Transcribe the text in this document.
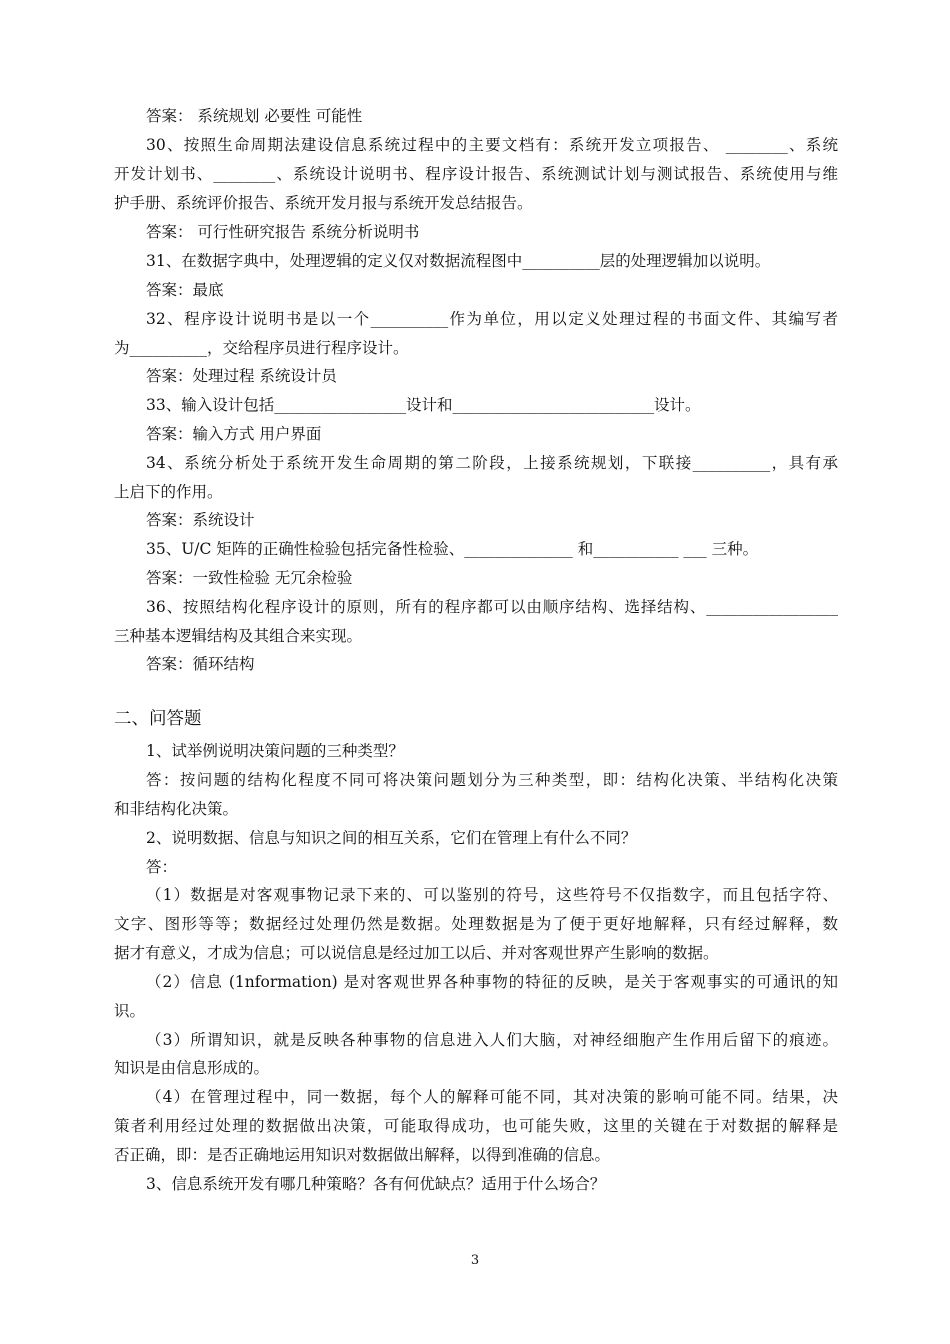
答案： 系统规划 必要性 可能性
30、按照生命周期法建设信息系统过程中的主要文档有：系统开发立项报告、 ________、系统
开发计划书、________、系统设计说明书、程序设计报告、系统测试计划与测试报告、系统使用与维
护手册、系统评价报告、系统开发月报与系统开发总结报告。
答案： 可行性研究报告 系统分析说明书
31、在数据字典中，处理逻辑的定义仅对数据流程图中__________层的处理逻辑加以说明。
答案：最底
32、程序设计说明书是以一个__________作为单位，用以定义处理过程的书面文件、其编写者
为__________，交给程序员进行程序设计。
答案：处理过程 系统设计员
33、输入设计包括_________________设计和__________________________设计。
答案：输入方式 用户界面
34、系统分析处于系统开发生命周期的第二阶段，上接系统规划，下联接__________，具有承
上启下的作用。
答案：系统设计
35、U/C 矩阵的正确性检验包括完备性检验、______________ 和___________ ___ 三种。
答案：一致性检验 无冗余检验
36、按照结构化程序设计的原则，所有的程序都可以由顺序结构、选择结构、_________________
三种基本逻辑结构及其组合来实现。
答案：循环结构
二、问答题
1、试举例说明决策问题的三种类型？
答：按问题的结构化程度不同可将决策问题划分为三种类型，即：结构化决策、半结构化决策
和非结构化决策。
2、说明数据、信息与知识之间的相互关系，它们在管理上有什么不同？
答：
（1）数据是对客观事物记录下来的、可以鉴别的符号，这些符号不仅指数字，而且包括字符、
文字、图形等等；数据经过处理仍然是数据。处理数据是为了便于更好地解释，只有经过解释，数
据才有意义，才成为信息；可以说信息是经过加工以后、并对客观世界产生影响的数据。
（2）信息 (1nformation) 是对客观世界各种事物的特征的反映，是关于客观事实的可通讯的知
识。
（3）所谓知识，就是反映各种事物的信息进入人们大脑，对神经细胞产生作用后留下的痕迹。
知识是由信息形成的。
（4）在管理过程中，同一数据，每个人的解释可能不同，其对决策的影响可能不同。结果，决
策者利用经过处理的数据做出决策，可能取得成功，也可能失败，这里的关键在于对数据的解释是
否正确，即：是否正确地运用知识对数据做出解释，以得到准确的信息。
3、信息系统开发有哪几种策略？各有何优缺点？适用于什么场合？
3
